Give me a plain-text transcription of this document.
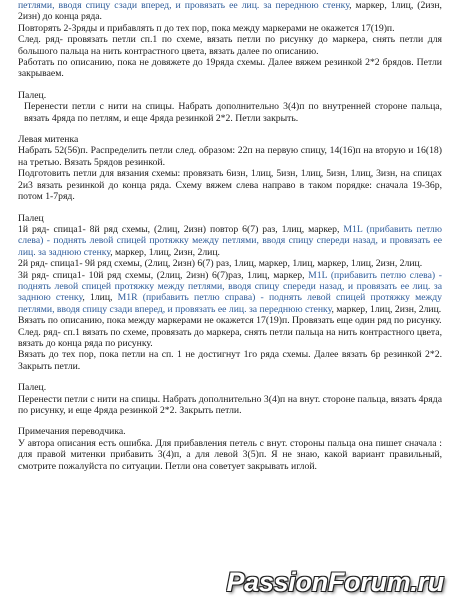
петлями, вводя спицу сзади вперед, и провязать ее лиц. за переднюю стенку, маркер, 1лиц, (2изн, 2изн) до конца ряда.
Повторять 2-3ряды и прибавлять п до тех пор, пока между маркерами не окажется 17(19)п.
След. ряд- провязать петли сп.1 по схеме, вязать петли по рисунку до маркера, снять петли для большого пальца на нить контрастного цвета, вязать далее по описанию.
Работать по описанию, пока не довяжете до 19ряда схемы. Далее вяжем резинкой 2*2 брядов. Петли закрываем.
Палец.
Перенести петли с нити на спицы. Набрать дополнительно 3(4)п по внутренней стороне пальца, вязать 4ряда по петлям, и еще 4ряда резинкой 2*2. Петли закрыть.
Левая митенка
Набрать 52(56)п. Распределить петли след. образом: 22п на первую спицу, 14(16)п на вторую и 16(18) на третью. Вязать 5рядов резинкой.
Подготовить петли для вязания схемы: провязать 6изн, 1лиц, 5изн, 1лиц, 5изн, 1лиц, 3изн, на спицах 2и3 вязать резинкой до конца ряда. Схему вяжем слева направо в таком порядке: сначала 19-36р, потом 1-7ряд.
Палец
1й ряд- спица1- 8й ряд схемы, (2лиц, 2изн) повтор 6(7) раз, 1лиц, маркер, M1L (прибавить петлю слева) - поднять левой спицей протяжку между петлями, вводя спицу спереди назад, и провязать ее лиц. за заднюю стенку, маркер, 1лиц, 2изн, 2лиц.
2й ряд- спица1- 9й ряд схемы, (2лиц, 2изн) 6(7) раз, 1лиц, маркер, 1лиц, маркер, 1лиц, 2изн, 2лиц.
3й ряд- спица1- 10й ряд схемы, (2лиц, 2изн) 6(7)раз, 1лиц, маркер, M1L (прибавить петлю слева) - поднять левой спицей протяжку между петлями, вводя спицу спереди назад, и провязать ее лиц. за заднюю стенку, 1лиц, M1R (прибавить петлю справа) - поднять левой спицей протяжку между петлями, вводя спицу сзади вперед, и провязать ее лиц. за переднюю стенку, маркер, 1лиц, 2изн, 2лиц.
Вязать по описанию, пока между маркерами не окажется 17(19)п. Провязать еще один ряд по рисунку.
След. ряд- сп.1 вязать по схеме, провязать до маркера, снять петли пальца на нить контрастного цвета, вязать до конца ряда по рисунку.
Вязать до тех пор, пока петли на сп. 1 не достигнут 1го ряда схемы. Далее вязать 6р резинкой 2*2. Закрыть петли.
Палец.
Перенести петли с нити на спицы. Набрать дополнительно 3(4)п на внут. стороне пальца, вязать 4ряда по рисунку, и еще 4ряда резинкой 2*2. Закрыть петли.
Примечания переводчика.
У автора описания есть ошибка. Для прибавления петель с внут. стороны пальца она пишет сначала : для правой митенки прибавить 3(4)п, а для левой 3(5)п. Я не знаю, какой вариант правильный, смотрите пожалуйста по ситуации. Петли она советует закрывать иглой.
PassionForum.ru
